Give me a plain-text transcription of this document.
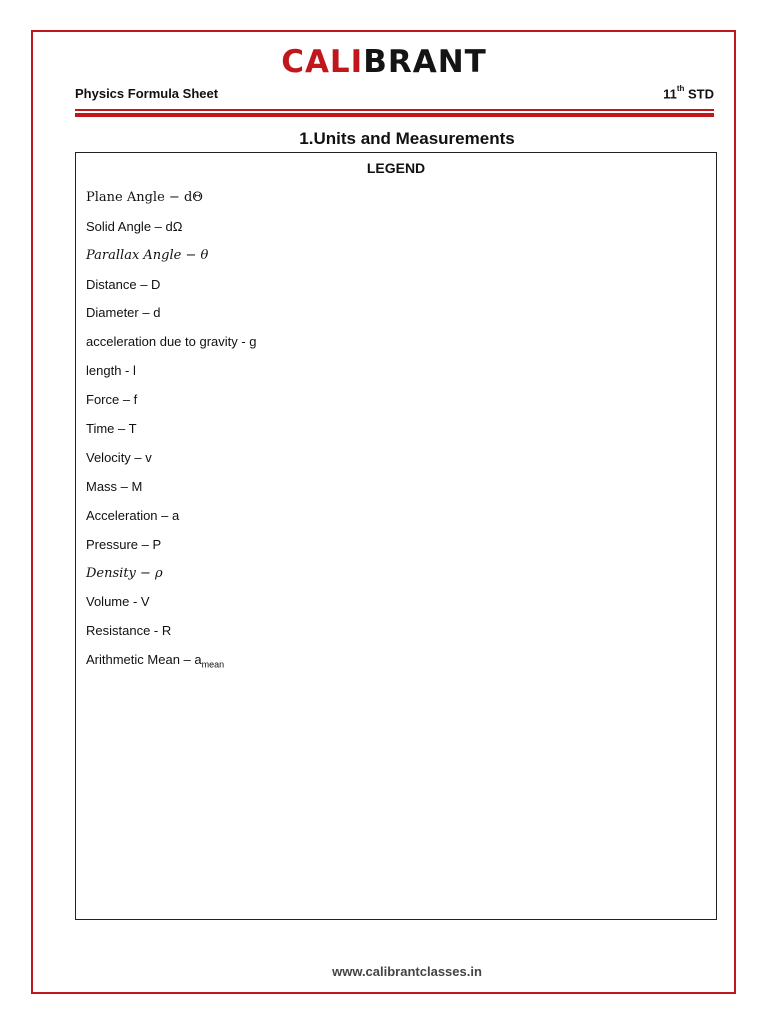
CALIBRANT
Physics Formula Sheet	11th STD
1.Units and Measurements
LEGEND
Plane Angle − dΘ
Solid Angle – dΩ
Parallax Angle − θ
Distance – D
Diameter – d
acceleration due to gravity - g
length - l
Force – f
Time – T
Velocity – v
Mass – M
Acceleration – a
Pressure – P
Density − ρ
Volume - V
Resistance - R
Arithmetic Mean – $a_{mean}$
www.calibrantclasses.in
